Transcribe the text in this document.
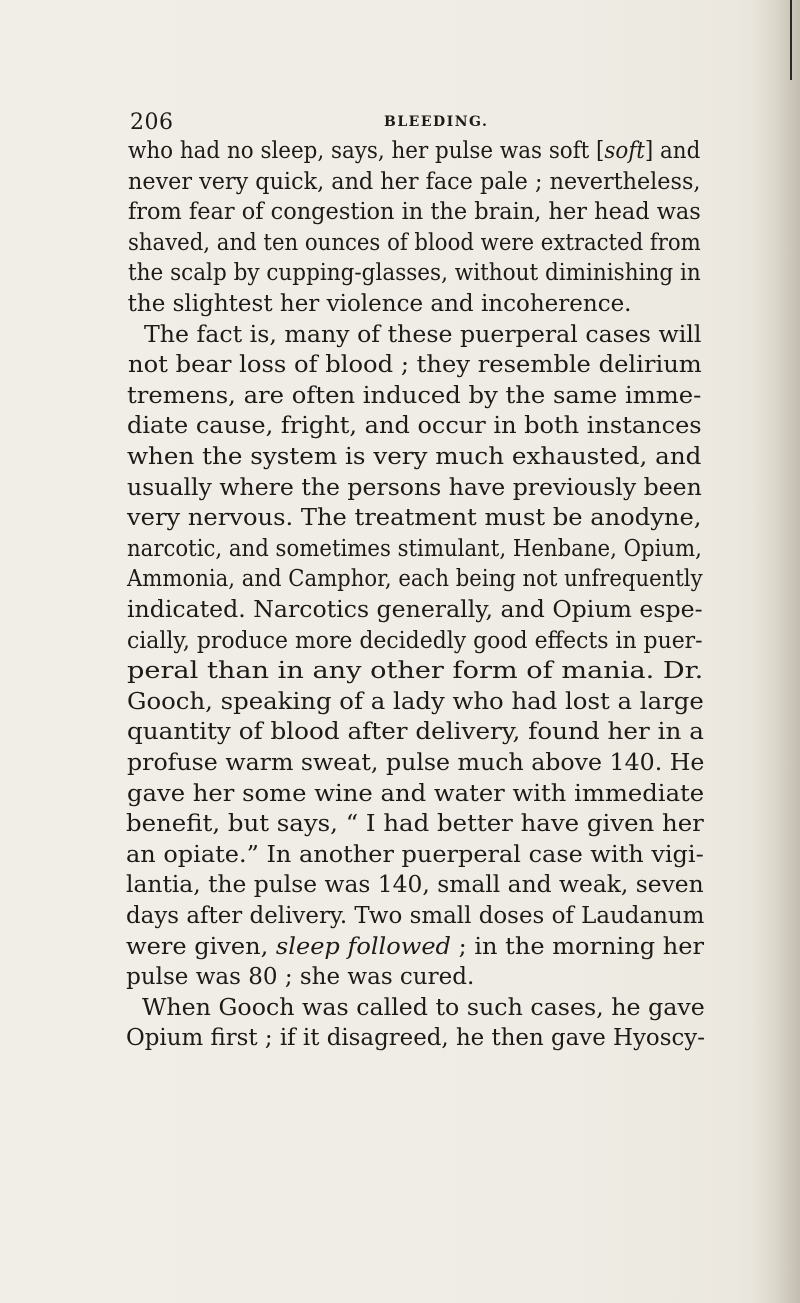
206	BLEEDING.
who had no sleep, says, her pulse was soft [soft] and
never very quick, and her face pale ; nevertheless,
from fear of congestion in the brain, her head was
shaved, and ten ounces of blood were extracted from
the scalp by cupping-glasses, without diminishing in
the slightest her violence and incoherence.
The fact is, many of these puerperal cases will
not bear loss of blood ; they resemble delirium
tremens, are often induced by the same imme-
diate cause, fright, and occur in both instances
when the system is very much exhausted, and
usually where the persons have previously been
very nervous. The treatment must be anodyne,
narcotic, and sometimes stimulant, Henbane, Opium,
Ammonia, and Camphor, each being not unfrequently
indicated. Narcotics generally, and Opium espe-
cially, produce more decidedly good effects in puer-
peral than in any other form of mania. Dr.
Gooch, speaking of a lady who had lost a large
quantity of blood after delivery, found her in a
profuse warm sweat, pulse much above 140. He
gave her some wine and water with immediate
benefit, but says, “ I had better have given her
an opiate.” In another puerperal case with vigi-
lantia, the pulse was 140, small and weak, seven
days after delivery. Two small doses of Laudanum
were given, sleep followed ; in the morning her
pulse was 80 ; she was cured.
When Gooch was called to such cases, he gave
Opium first ; if it disagreed, he then gave Hyoscy-
